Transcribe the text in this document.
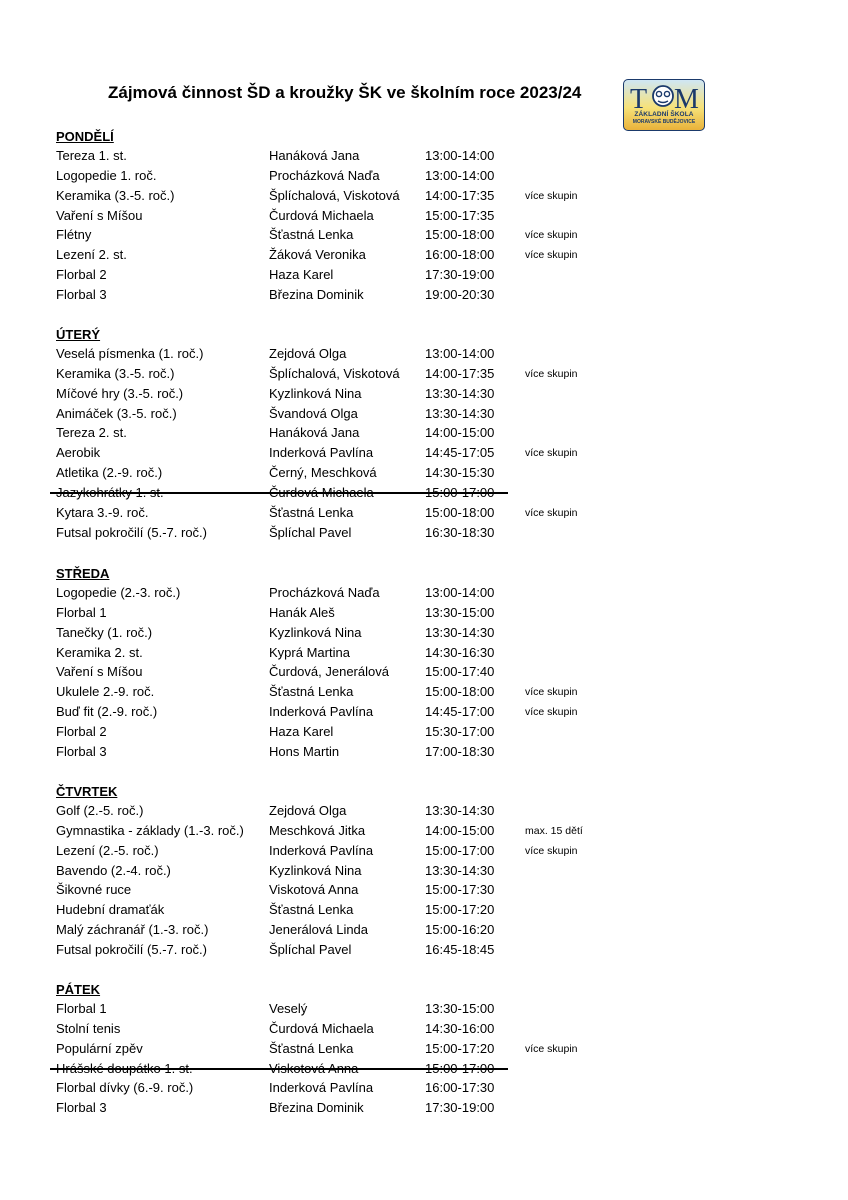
Zájmová činnost ŠD a kroužky ŠK ve školním roce 2023/24 T M
ZÁKLADNÍ ŠKOLA
MORAVSKÉ BUDĚJOVICE
PONDĚLÍ
Tereza 1. st.	Hanáková Jana	13:00-14:00
Logopedie 1. roč.	Procházková Naďa	13:00-14:00
Keramika (3.-5. roč.)	Šplíchalová, Viskotová 14:00-17:35	více skupin
Vaření s Míšou	Čurdová Michaela	15:00-17:35
Flétny	Šťastná Lenka	15:00-18:00	více skupin
Lezení 2. st.	Žáková Veronika	16:00-18:00	více skupin
Florbal 2	Haza Karel	17:30-19:00
Florbal 3	Březina Dominik	19:00-20:30
ÚTERÝ
Veselá písmenka (1. roč.)	Zejdová Olga	13:00-14:00
Keramika (3.-5. roč.)	Šplíchalová, Viskotová 14:00-17:35	více skupin
Míčové hry (3.-5. roč.)	Kyzlinková Nina	13:30-14:30
Animáček (3.-5. roč.)	Švandová Olga	13:30-14:30
Tereza 2. st.	Hanáková Jana	14:00-15:00
Aerobik	Inderková Pavlína	14:45-17:05	více skupin
Atletika (2.-9. roč.)	Černý, Meschková	14:30-15:30
Jazykohrátky 1. st.	Čurdová Michaela	15:00-17:00
Kytara 3.-9. roč.	Šťastná Lenka	15:00-18:00	více skupin
Futsal pokročilí (5.-7. roč.)	Šplíchal Pavel	16:30-18:30
STŘEDA
Logopedie (2.-3. roč.)	Procházková Naďa	13:00-14:00
Florbal 1	Hanák Aleš	13:30-15:00
Tanečky (1. roč.)	Kyzlinková Nina	13:30-14:30
Keramika 2. st.	Kyprá Martina	14:30-16:30
Vaření s Míšou	Čurdová, Jenerálová	15:00-17:40
Ukulele 2.-9. roč.	Šťastná Lenka	15:00-18:00	více skupin
Buď fit (2.-9. roč.)	Inderková Pavlína	14:45-17:00	více skupin
Florbal 2	Haza Karel	15:30-17:00
Florbal 3	Hons Martin	17:00-18:30
ČTVRTEK
Golf (2.-5. roč.)	Zejdová Olga	13:30-14:30
Gymnastika - základy (1.-3. roč.) Meschková Jitka	14:00-15:00	max. 15 dětí
Lezení (2.-5. roč.)	Inderková Pavlína	15:00-17:00	více skupin
Bavendo (2.-4. roč.)	Kyzlinková Nina	13:30-14:30
Šikovné ruce	Viskotová Anna	15:00-17:30
Hudební dramaťák	Šťastná Lenka	15:00-17:20
Malý záchranář (1.-3. roč.)	Jenerálová Linda	15:00-16:20
Futsal pokročilí (5.-7. roč.)	Šplíchal Pavel	16:45-18:45
PÁTEK
Florbal 1	Veselý	13:30-15:00
Stolní tenis	Čurdová Michaela	14:30-16:00
Populární zpěv	Šťastná Lenka	15:00-17:20	více skupin
Hrášské doupátko 1. st.	Viskotová Anna	15:00-17:00
Florbal dívky (6.-9. roč.)	Inderková Pavlína	16:00-17:30
Florbal 3	Březina Dominik	17:30-19:00
